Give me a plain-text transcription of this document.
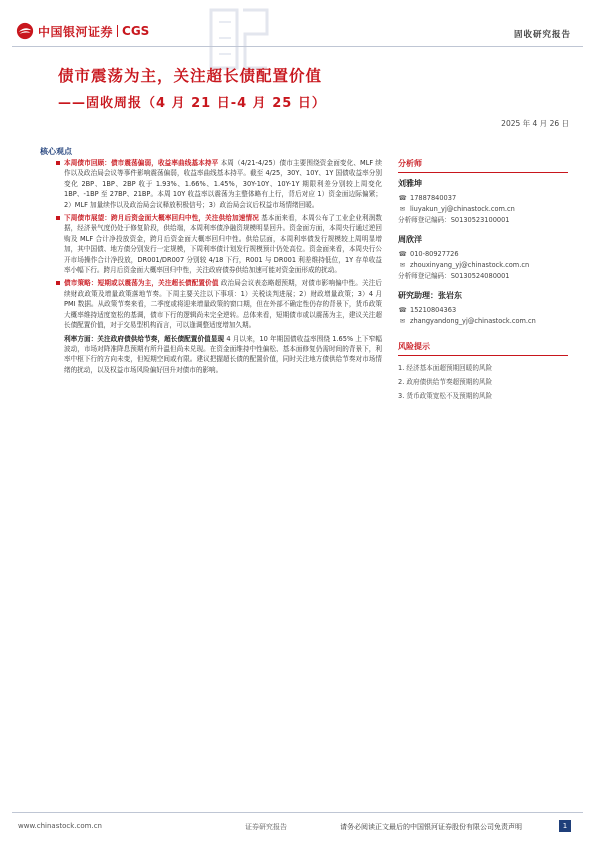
中国银河证券 CGS	固收研究报告
债市震荡为主，关注超长债配置价值
——固收周报（4 月 21 日-4 月 25 日）
2025 年 4 月 26 日
核心观点
本周债市回顾：债市震荡偏弱，收益率曲线基本持平 本周（4/21-4/25）债市主要围绕资金面变化、MLF 续作以及政治局会议等事件影响震荡偏弱，收益率曲线基本持平。截至 4/25，30Y、10Y、1Y 国债收益率分别变化 2BP、1BP、2BP 收于 1.93%、1.66%、1.45%，30Y-10Y、10Y-1Y 期限利差分别较上周变化 1BP、-1BP 至 27BP、21BP。本周 10Y 收益率以震荡为主整体略有上行，背后对应 1）资金面边际偏紧；2）MLF 加量续作以及政治局会议释放积极信号；3）政治局会议后权益市场情绪回暖。
下周债市展望：跨月后资金面大概率回归中性，关注供给加速情况 基本面来看，本周公布了工业企业利润数据，经济景气度仍处于修复阶段，供给端，本周利率债净融资规模明显回升。资金面方面，本周央行通过逆回购及 MLF 合计净投放资金，跨月后资金面大概率回归中性。供给层面，本周利率债发行规模较上周明显增加，其中国债、地方债分别发行一定规模，下周利率债计划发行规模预计仍处高位。资金面来看，本周央行公开市场操作合计净投放，DR001/DR007 分别较 4/18 下行，R001 与 DR001 利差维持低位，1Y 存单收益率小幅下行。跨月后资金面大概率回归中性，关注政府债券供给加速可能对资金面形成的扰动。
债市策略：短期或以震荡为主，关注超长债配置价值 政治局会议表态略超预期，对债市影响偏中性。关注后续财政政策及增量政策落地节奏。下周主要关注以下事项：1）关税谈判进展；2）财政增量政策；3）4 月 PMI 数据。从政策节奏来看，二季度或将迎来增量政策的窗口期，但在外部不确定性仍存的背景下，货币政策大概率维持适度宽松的基调，债市下行的逻辑尚未完全逆转。总体来看，短期债市或以震荡为主，建议关注超长债配置价值，对于交易型机构而言，可以逢调整适度增加久期。
利率方面：关注政府债供给节奏，超长债配置价值显现 4 月以来，10 年期国债收益率围绕 1.65% 上下窄幅波动，市场对降准降息预期有所升温但尚未兑现。在资金面维持中性偏松、基本面修复仍需时间的背景下，利率中枢下行的方向未变，但短期空间或有限。建议把握超长债的配置价值，同时关注地方债供给节奏对市场情绪的扰动，以及权益市场风险偏好回升对债市的影响。
分析师
刘雅坤
☎ 17887840037
✉ liuyakun_yj@chinastock.com.cn
分析师登记编码：S0130523100001
周欣洋
☎ 010-80927726
✉ zhouxinyang_yj@chinastock.com.cn
分析师登记编码：S0130524080001
研究助理：张岩东
☎ 15210804363
✉ zhangyandong_yj@chinastock.com.cn
风险提示
1. 经济基本面超预期回暖的风险
2. 政府债供给节奏超预期的风险
3. 货币政策宽松不及预期的风险
www.chinastock.com.cn	证券研究报告	请务必阅读正文最后的中国银河证券股份有限公司免责声明	1
